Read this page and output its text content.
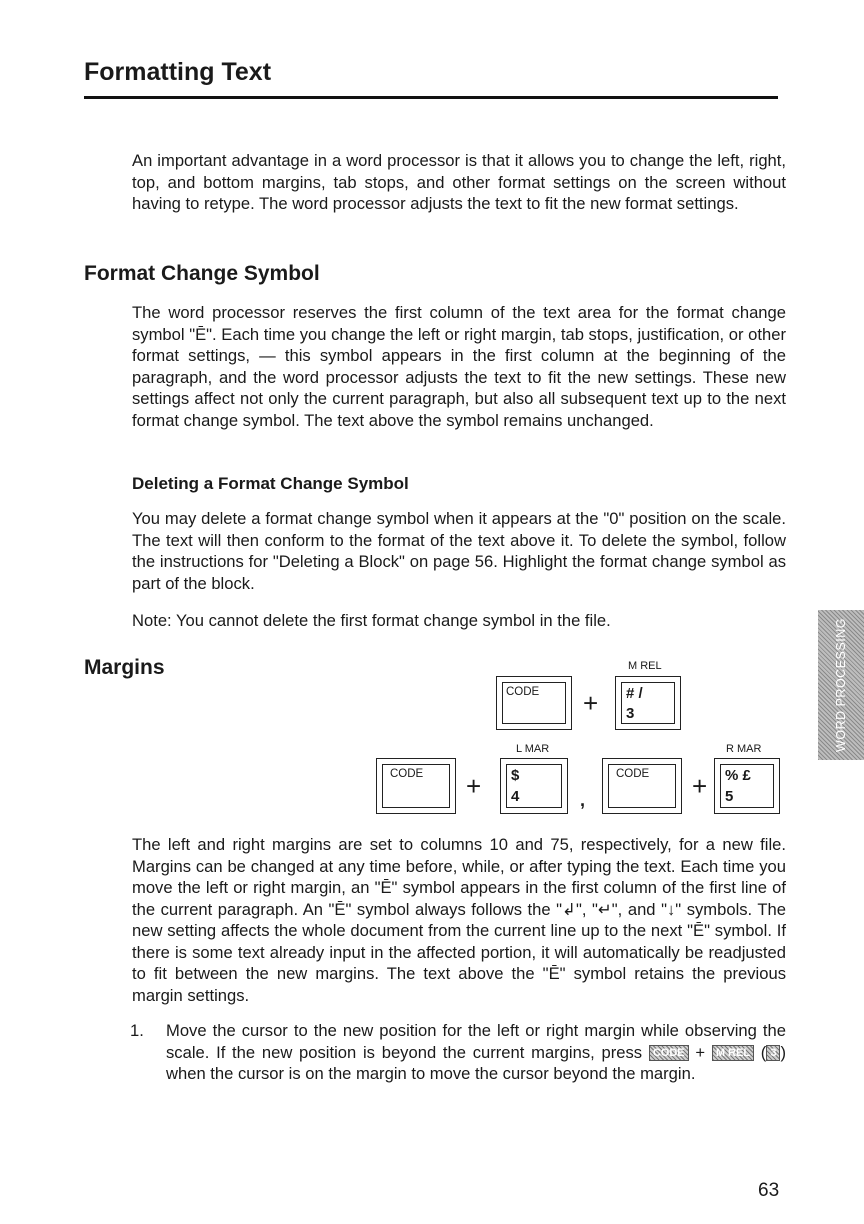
Formatting Text

An important advantage in a word processor is that it allows you to change the left, right, top, and bottom margins, tab stops, and other format settings on the screen without having to retype. The word processor adjusts the text to fit the new format settings.

Format Change Symbol

The word processor reserves the first column of the text area for the format change symbol "Ē". Each time you change the left or right margin, tab stops, justification, or other format settings, — this symbol appears in the first column at the beginning of the paragraph, and the word processor adjusts the text to fit the new settings. These new settings affect not only the current paragraph, but also all subsequent text up to the next format change symbol. The text above the symbol remains unchanged.

Deleting a Format Change Symbol

You may delete a format change symbol when it appears at the "0" position on the scale. The text will then conform to the format of the text above it. To delete the symbol, follow the instructions for "Deleting a Block" on page 56. Highlight the format change symbol as part of the block.

Note: You cannot delete the first format change symbol in the file.

Margins
CODE +
M REL
# /
3
CODE +
L MAR
$
4	,
CODE +
R MAR
% £
5

The left and right margins are set to columns 10 and 75, respectively, for a new file. Margins can be changed at any time before, while, or after typing the text. Each time you move the left or right margin, an "Ē" symbol appears in the first column of the first line of the current paragraph. An "Ē" symbol always follows the "↲", "↵", and "↓" symbols. The new setting affects the whole document from the current line up to the next "Ē" symbol. If there is some text already input in the affected portion, it will automatically be readjusted to fit between the new margins. The text above the "Ē" symbol retains the previous margin settings.

1. Move the cursor to the new position for the left or right margin while observing the scale. If the new position is beyond the current margins, press CODE + M REL ( 3 ) when the cursor is on the margin to move the cursor beyond the margin.
WORD PROCESSING
63
